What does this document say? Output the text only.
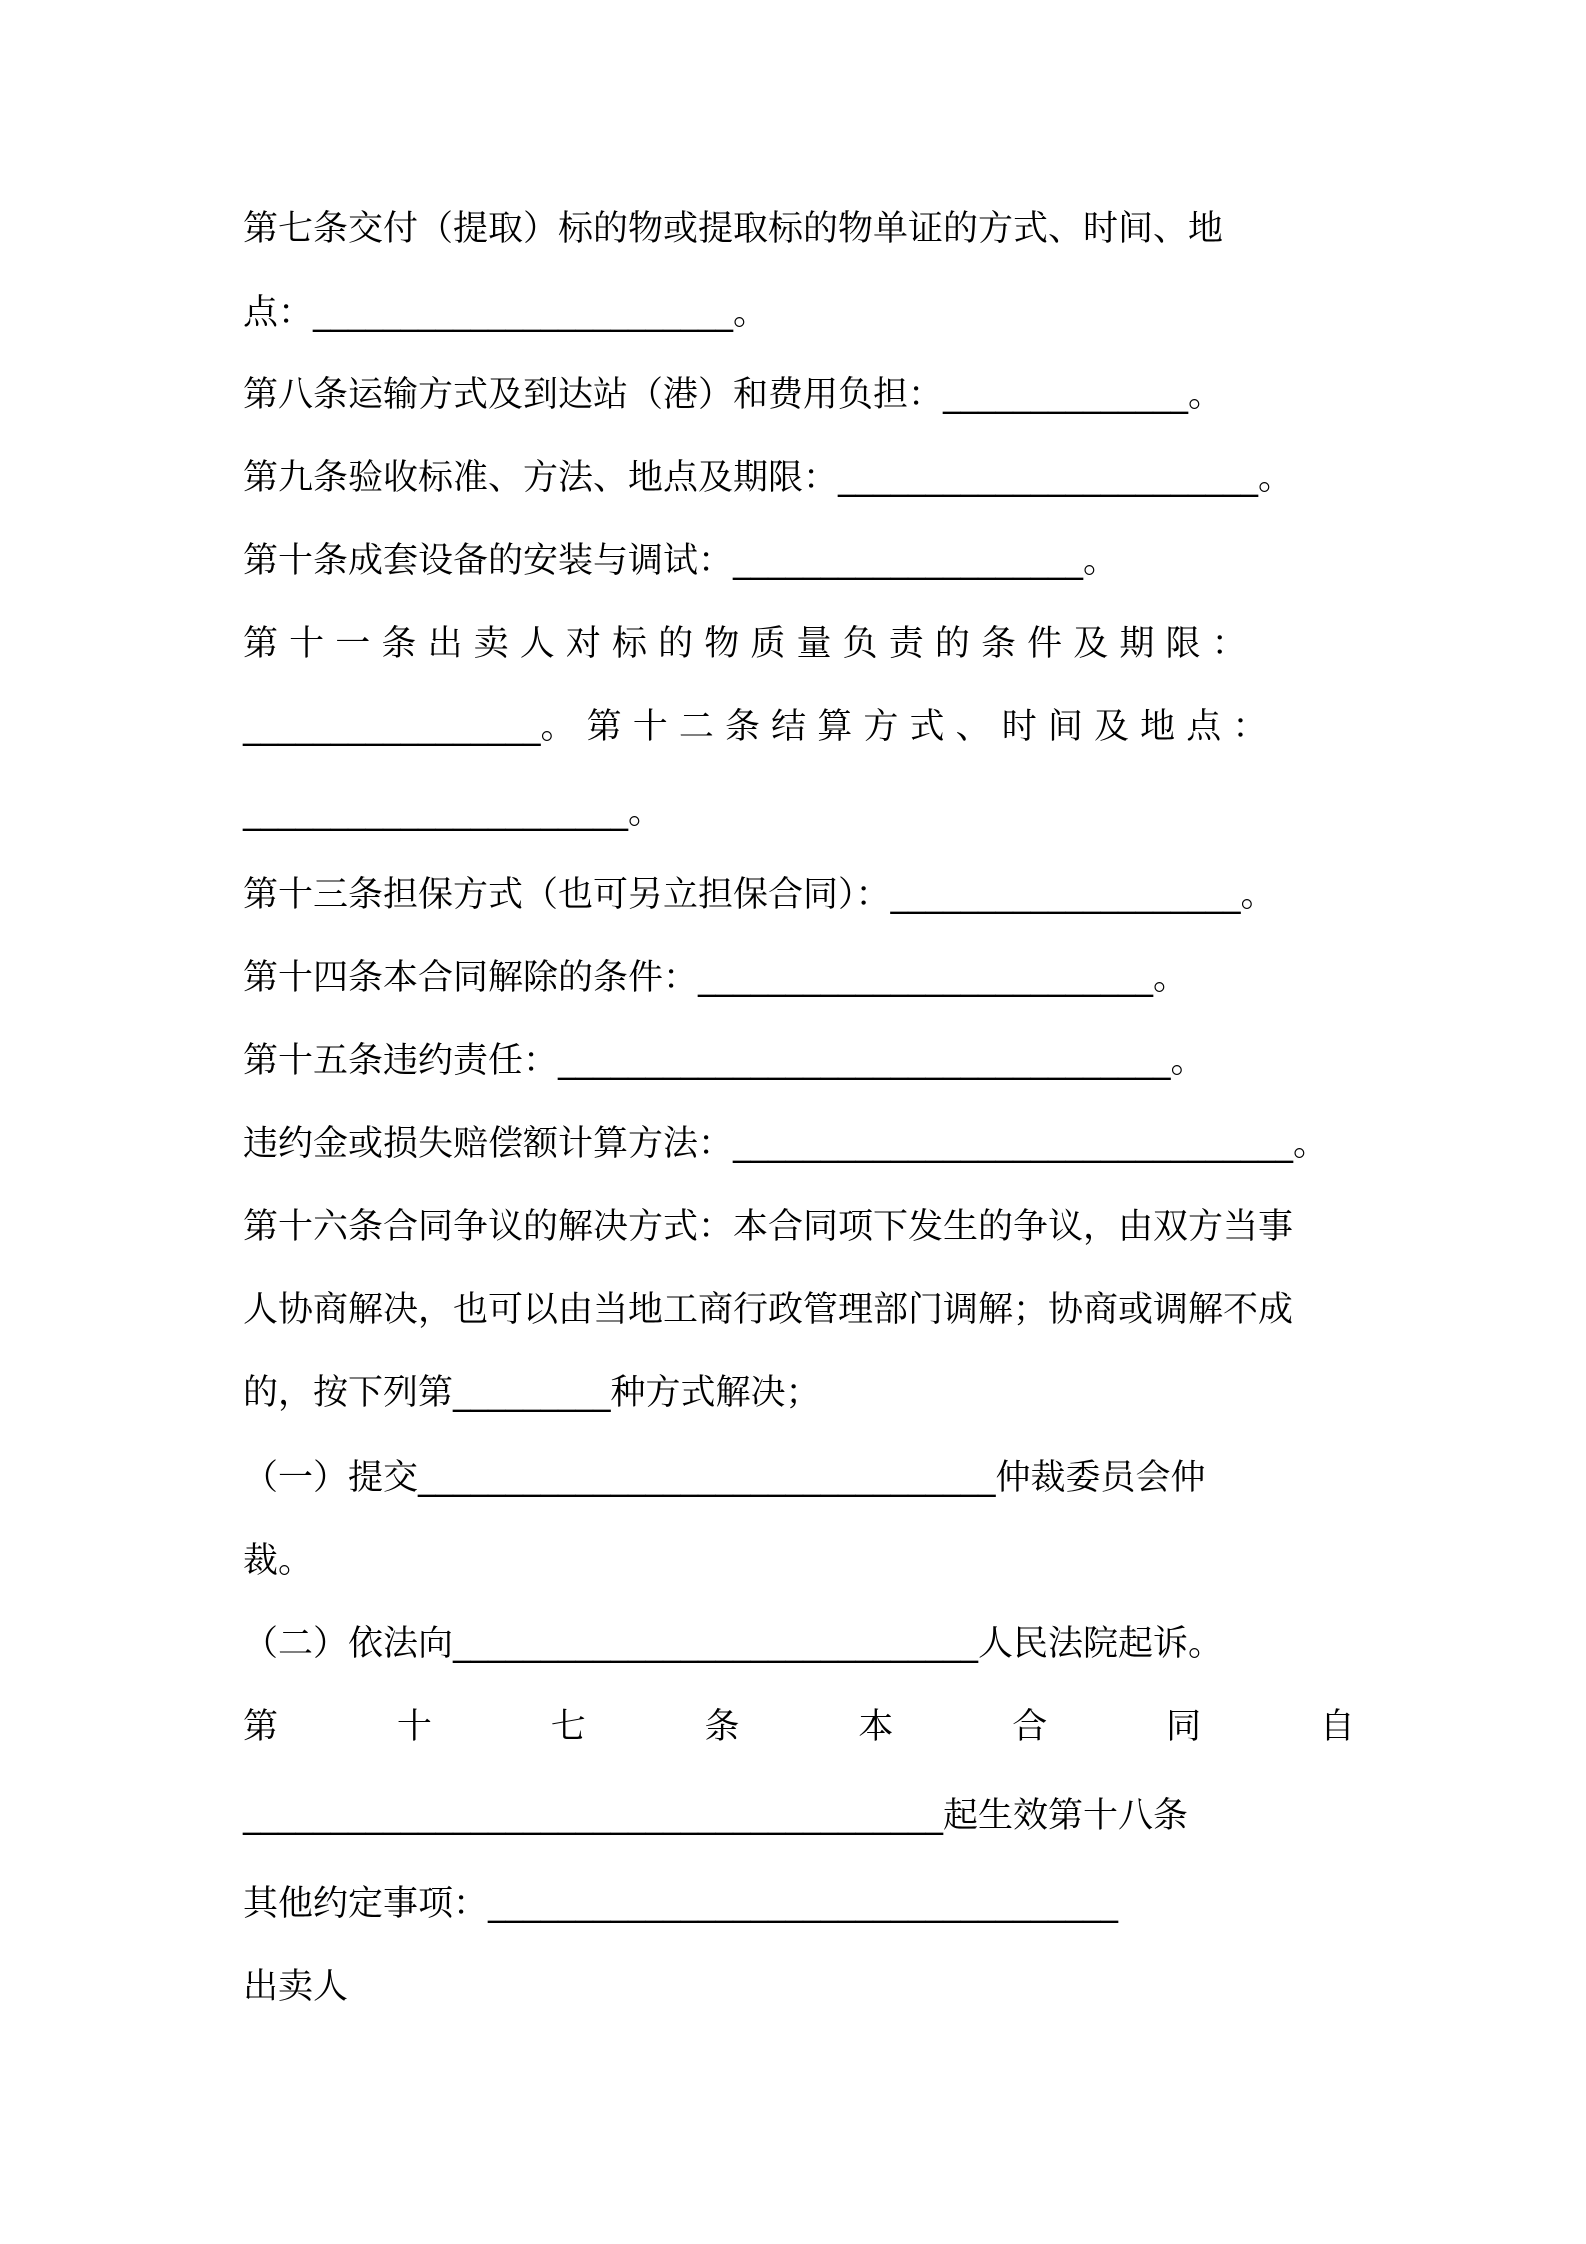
第七条交付（提取）标的物或提取标的物单证的方式、时间、地
点：________________________。
第八条运输方式及到达站（港）和费用负担：______________。
第九条验收标准、方法、地点及期限：________________________。
第十条成套设备的安装与调试：____________________。
第 十 一 条 出 卖 人 对 标 的 物 质 量 负 责 的 条 件 及 期 限 ：
_________________。 第 十 二 条 结 算 方 式 、 时 间 及 地 点 ：
______________________。
第十三条担保方式（也可另立担保合同）：____________________。
第十四条本合同解除的条件：__________________________。
第十五条违约责任：___________________________________。
违约金或损失赔偿额计算方法：________________________________。
第十六条合同争议的解决方式：本合同项下发生的争议，由双方当事
人协商解决，也可以由当地工商行政管理部门调解；协商或调解不成
的，按下列第_________种方式解决；
（一）提交_________________________________仲裁委员会仲
裁。
（二）依法向______________________________人民法院起诉。
第	十	七	条	本	合	同	自
________________________________________起生效第十八条
其他约定事项：____________________________________
出卖人
